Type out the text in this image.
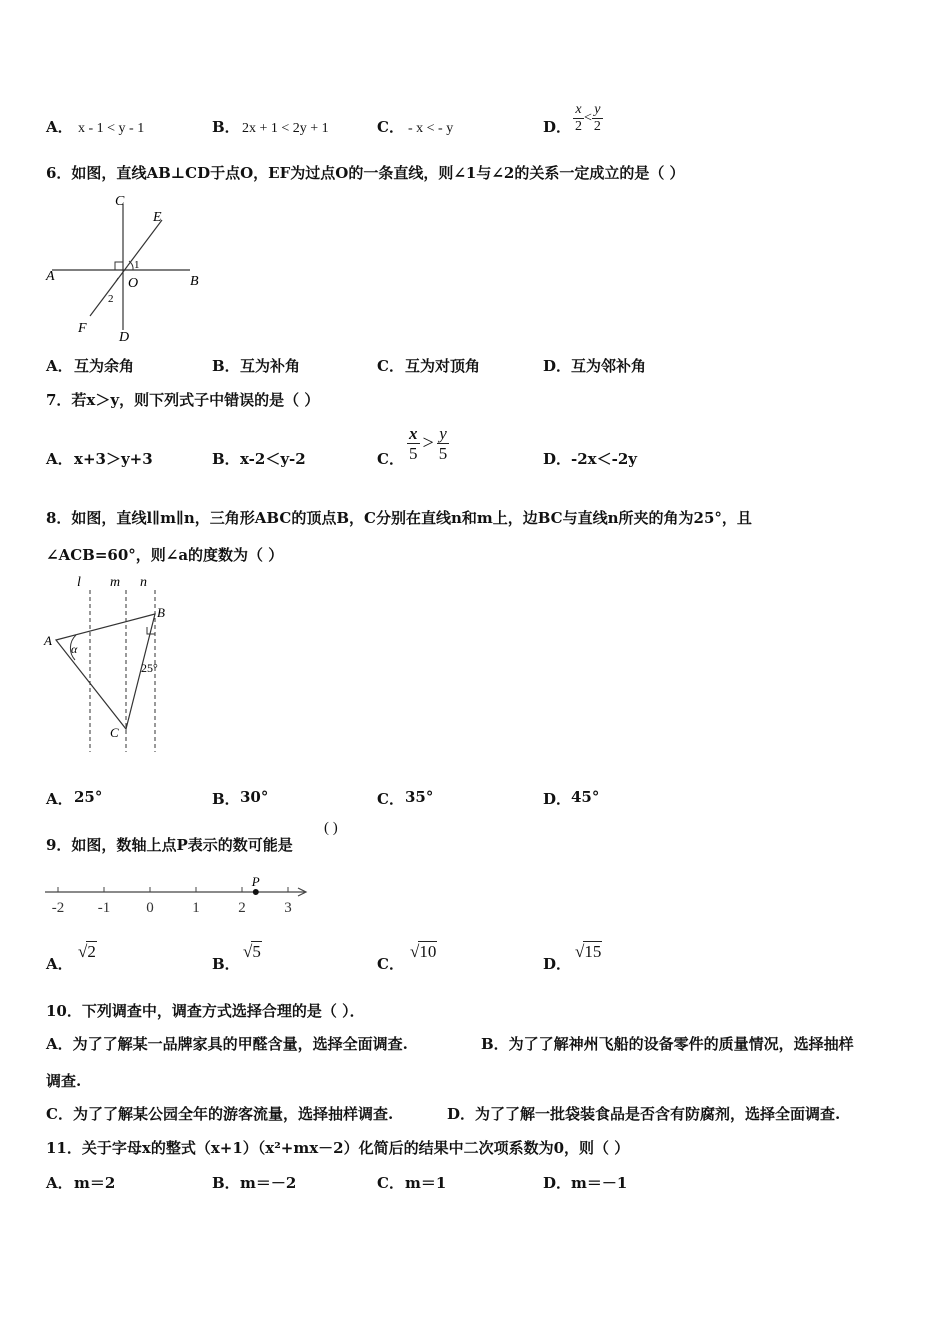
A． x - 1 < y - 1	B． 2x + 1 < 2y + 1	C． - x < - y	D． $\frac{x}{2} < \frac{y}{2}$
6．如图，直线AB⊥CD于点O，EF为过点O的一条直线，则∠1与∠2的关系一定成立的是（ ）
C
E
A	O	B
F
D
1
2
A． 互为余角	B． 互为补角	C． 互为对顶角	D． 互为邻补角
7．若x＞y，则下列式子中错误的是（ ）
A． x+3＞y+3	B． x-2＜y-2	C． $\frac{x}{5} > \frac{y}{5}$	D． -2x＜-2y
8．如图，直线l∥m∥n，三角形ABC的顶点B，C分别在直线n和m上，边BC与直线n所夹的角为25°，且
∠ACB=60°，则∠a的度数为（ ）
l m n
A
B
C
α
25°
A． 25°	B． 30°	C． 35°	D． 45°
9．如图，数轴上点P表示的数可能是
( )
-2 -1 0	1	2	3
P
A．
√ 2
B．
√ 5
C．
√ 10
D．
√ 15
10．下列调查中，调查方式选择合理的是（ ）．
A．为了了解某一品牌家具的甲醛含量，选择全面调查.	B．为了了解神州飞船的设备零件的质量情况，选择抽样
调查.
C．为了了解某公园全年的游客流量，选择抽样调查.	D．为了了解一批袋装食品是否含有防腐剂，选择全面调查.
11．关于字母x的整式（x+1）（x²+mx－2）化简后的结果中二次项系数为0，则（ ）
A． m＝2	B． m＝－2	C． m＝1	D． m＝－1
